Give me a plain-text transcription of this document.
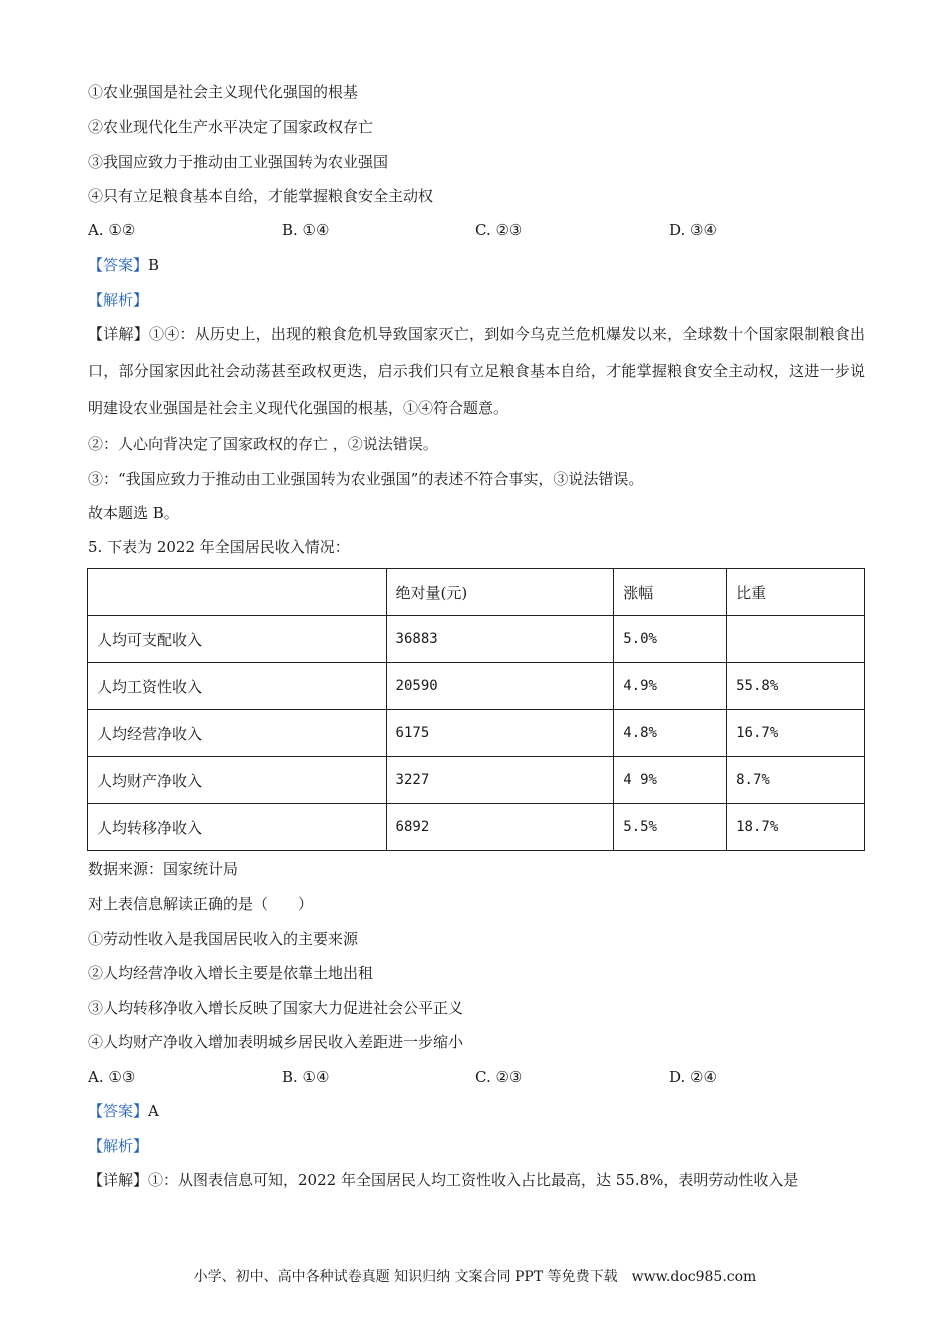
①农业强国是社会主义现代化强国的根基
②农业现代化生产水平决定了国家政权存亡
③我国应致力于推动由工业强国转为农业强国
④只有立足粮食基本自给，才能掌握粮食安全主动权
A. ①②	B. ①④	C. ②③	D. ③④
【答案】B
【解析】
【详解】①④：从历史上，出现的粮食危机导致国家灭亡，到如今乌克兰危机爆发以来，全球数十个国家限制粮食出口，部分国家因此社会动荡甚至政权更迭，启示我们只有立足粮食基本自给，才能掌握粮食安全主动权，这进一步说明建设农业强国是社会主义现代化强国的根基，①④符合题意。
②：人心向背决定了国家政权的存亡 ，②说法错误。
③：“我国应致力于推动由工业强国转为农业强国”的表述不符合事实，③说法错误。
故本题选 B。
5. 下表为 2022 年全国居民收入情况：
	绝对量(元)	涨幅	比重
人均可支配收入	36883	5.0%	
人均工资性收入	20590	4.9%	55.8%
人均经营净收入	6175	4.8%	16.7%
人均财产净收入	3227	4 9%	8.7%
人均转移净收入	6892	5.5%	18.7%
数据来源：国家统计局
对上表信息解读正确的是（　　）
①劳动性收入是我国居民收入的主要来源
②人均经营净收入增长主要是依靠土地出租
③人均转移净收入增长反映了国家大力促进社会公平正义
④人均财产净收入增加表明城乡居民收入差距进一步缩小
A. ①③	B. ①④	C. ②③	D. ②④
【答案】A
【解析】
【详解】①：从图表信息可知，2022 年全国居民人均工资性收入占比最高，达 55.8%，表明劳动性收入是
小学、初中、高中各种试卷真题 知识归纳 文案合同 PPT 等免费下载　www.doc985.com
